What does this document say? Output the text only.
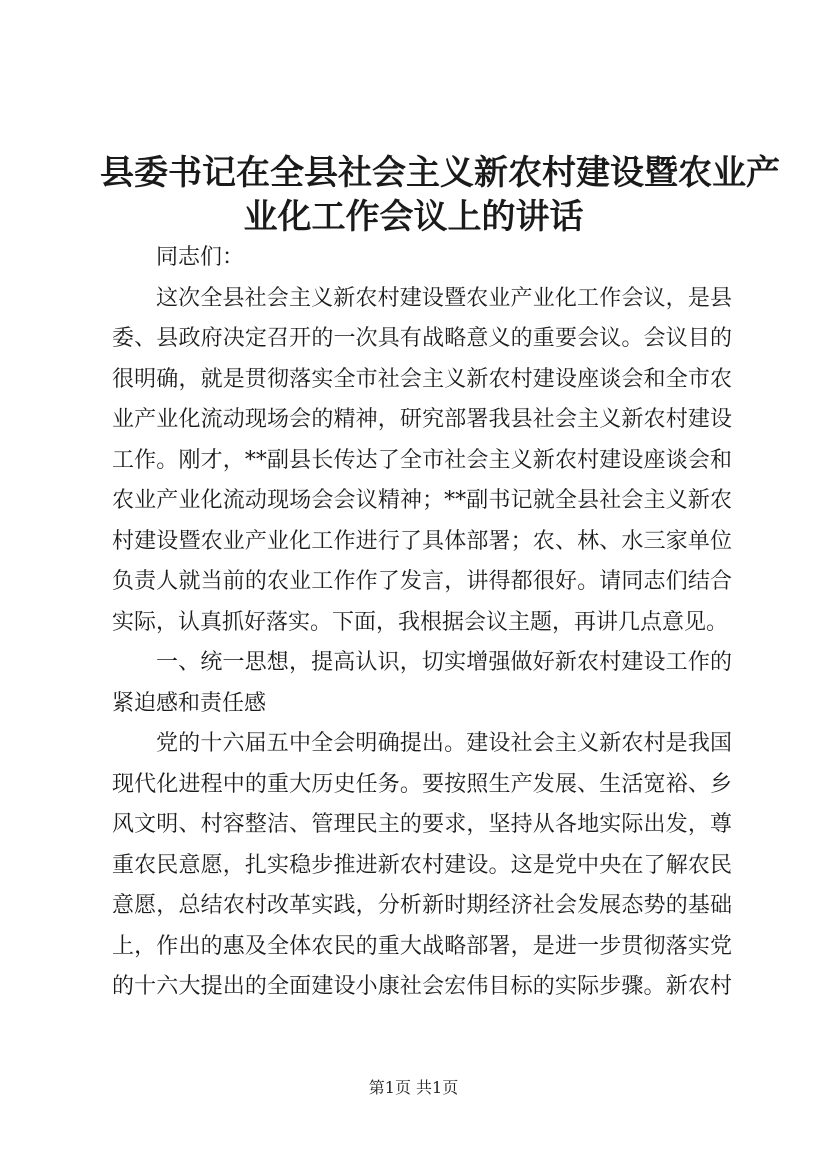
县委书记在全县社会主义新农村建设暨农业产
业化工作会议上的讲话
同志们：
这次全县社会主义新农村建设暨农业产业化工作会议，是县
委、县政府决定召开的一次具有战略意义的重要会议。会议目的
很明确，就是贯彻落实全市社会主义新农村建设座谈会和全市农
业产业化流动现场会的精神，研究部署我县社会主义新农村建设
工作。刚才，**副县长传达了全市社会主义新农村建设座谈会和
农业产业化流动现场会会议精神；**副书记就全县社会主义新农
村建设暨农业产业化工作进行了具体部署；农、林、水三家单位
负责人就当前的农业工作作了发言，讲得都很好。请同志们结合
实际，认真抓好落实。下面，我根据会议主题，再讲几点意见。
一、统一思想，提高认识，切实增强做好新农村建设工作的
紧迫感和责任感
党的十六届五中全会明确提出。建设社会主义新农村是我国
现代化进程中的重大历史任务。要按照生产发展、生活宽裕、乡
风文明、村容整洁、管理民主的要求，坚持从各地实际出发，尊
重农民意愿，扎实稳步推进新农村建设。这是党中央在了解农民
意愿，总结农村改革实践，分析新时期经济社会发展态势的基础
上，作出的惠及全体农民的重大战略部署，是进一步贯彻落实党
的十六大提出的全面建设小康社会宏伟目标的实际步骤。新农村
第1页 共1页
